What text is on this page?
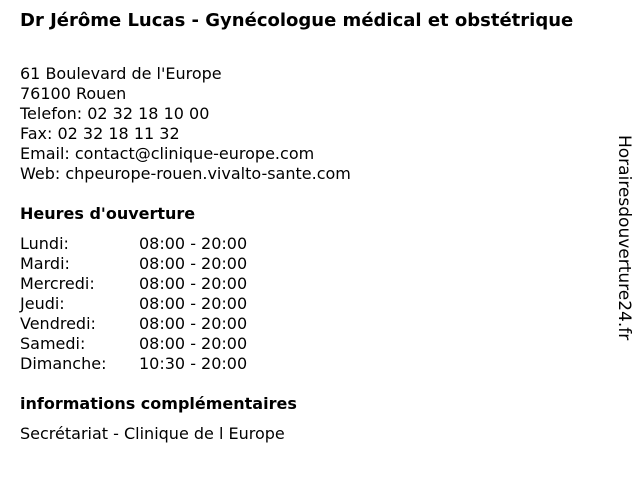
Dr Jérôme Lucas - Gynécologue médical et obstétrique
61 Boulevard de l'Europe
76100 Rouen
Telefon: 02 32 18 10 00
Fax: 02 32 18 11 32
Email: contact@clinique-europe.com
Web: chpeurope-rouen.vivalto-sante.com
Heures d'ouverture
Lundi:	08:00 - 20:00
Mardi:	08:00 - 20:00
Mercredi:	08:00 - 20:00
Jeudi:	08:00 - 20:00
Vendredi:	08:00 - 20:00
Samedi:	08:00 - 20:00
Dimanche: 10:30 - 20:00
informations complémentaires
Secrétariat - Clinique de l Europe
Horairesdouverture24.fr
